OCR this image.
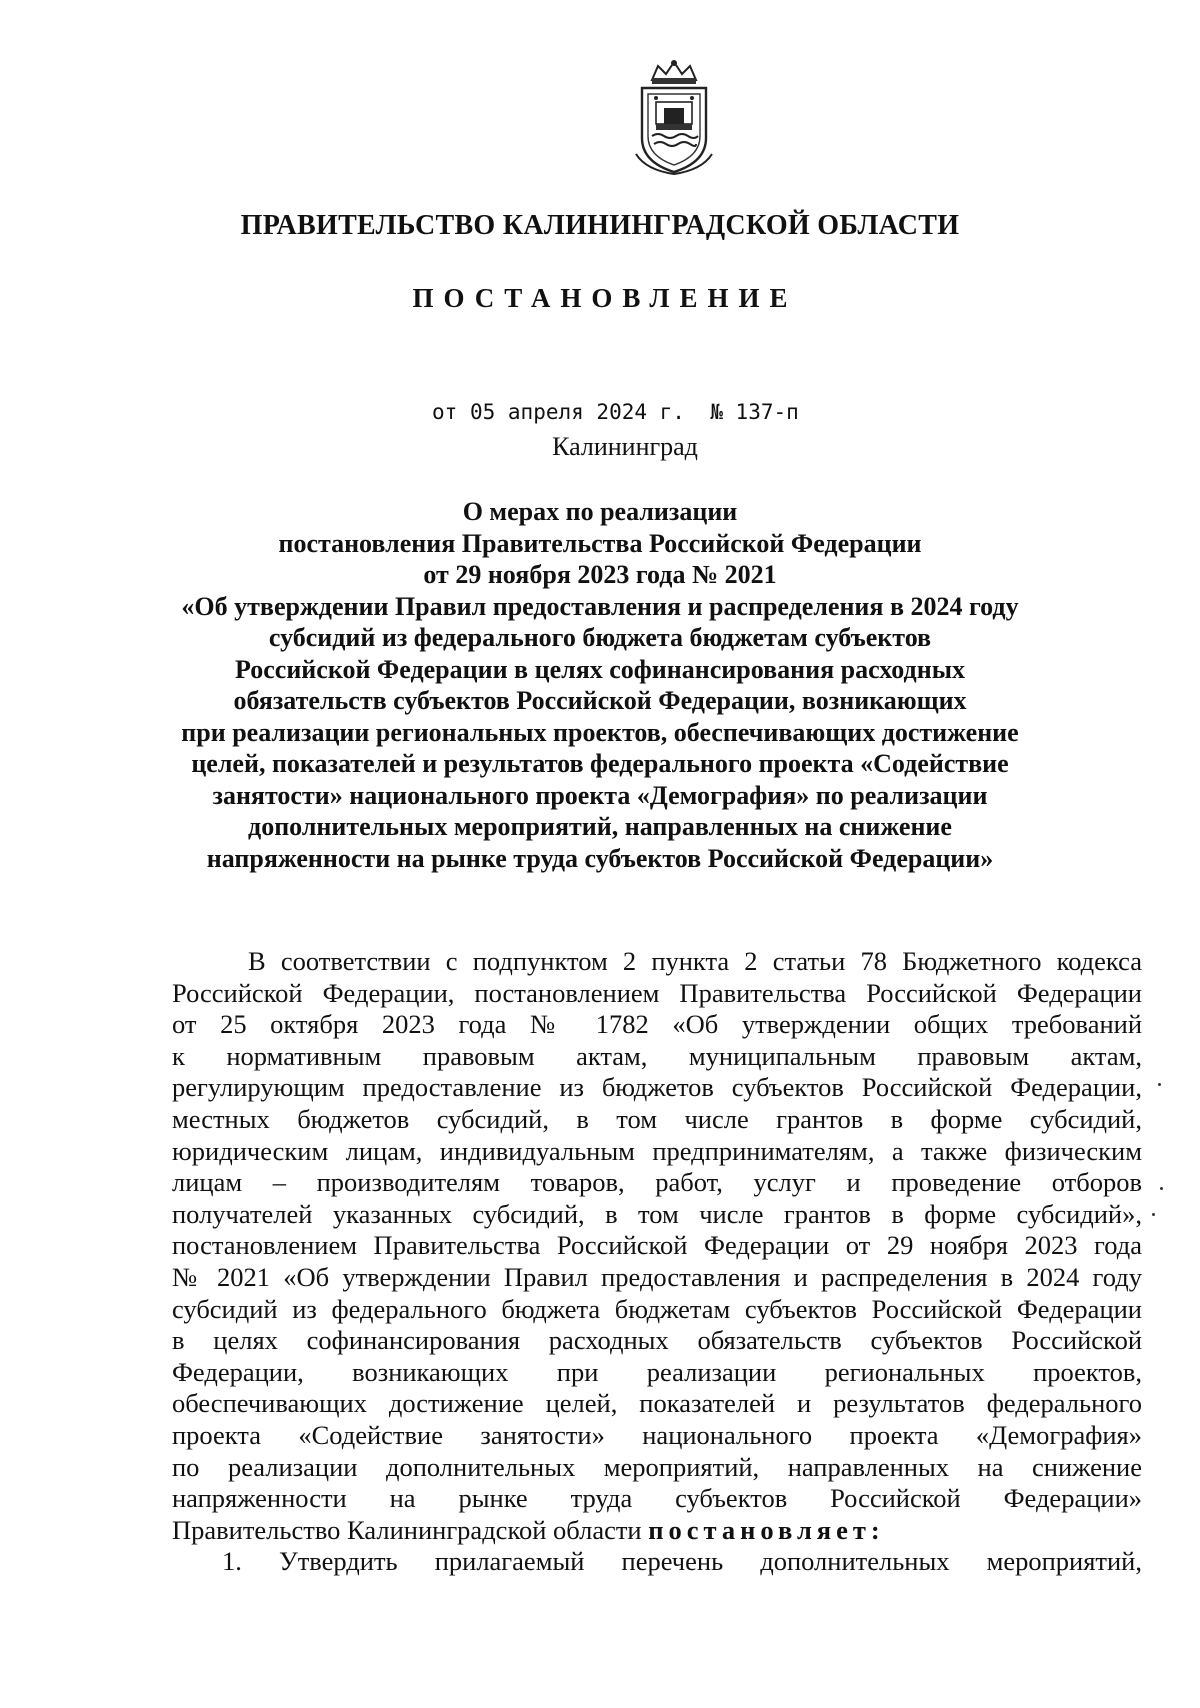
ПРАВИТЕЛЬСТВО КАЛИНИНГРАДСКОЙ ОБЛАСТИ
ПОСТАНОВЛЕНИЕ
от 05 апреля 2024 г. № 137-п
Калининград
О мерах по реализации
постановления Правительства Российской Федерации
от 29 ноября 2023 года № 2021
«Об утверждении Правил предоставления и распределения в 2024 году
субсидий из федерального бюджета бюджетам субъектов
Российской Федерации в целях софинансирования расходных
обязательств субъектов Российской Федерации, возникающих
при реализации региональных проектов, обеспечивающих достижение
целей, показателей и результатов федерального проекта «Содействие
занятости» национального проекта «Демография» по реализации
дополнительных мероприятий, направленных на снижение
напряженности на рынке труда субъектов Российской Федерации»
В соответствии с подпунктом 2 пункта 2 статьи 78 Бюджетного кодекса
Российской Федерации, постановлением Правительства Российской Федерации
от 25 октября 2023 года № 1782 «Об утверждении общих требований
к нормативным правовым актам, муниципальным правовым актам,
регулирующим предоставление из бюджетов субъектов Российской Федерации,
местных бюджетов субсидий, в том числе грантов в форме субсидий,
юридическим лицам, индивидуальным предпринимателям, а также физическим
лицам – производителям товаров, работ, услуг и проведение отборов
получателей указанных субсидий, в том числе грантов в форме субсидий»,
постановлением Правительства Российской Федерации от 29 ноября 2023 года
№ 2021 «Об утверждении Правил предоставления и распределения в 2024 году
субсидий из федерального бюджета бюджетам субъектов Российской Федерации
в целях софинансирования расходных обязательств субъектов Российской
Федерации, возникающих при реализации региональных проектов,
обеспечивающих достижение целей, показателей и результатов федерального
проекта «Содействие занятости» национального проекта «Демография»
по реализации дополнительных мероприятий, направленных на снижение
напряженности на рынке труда субъектов Российской Федерации»
Правительство Калининградской области постановляет:
1. Утвердить прилагаемый перечень дополнительных мероприятий,
